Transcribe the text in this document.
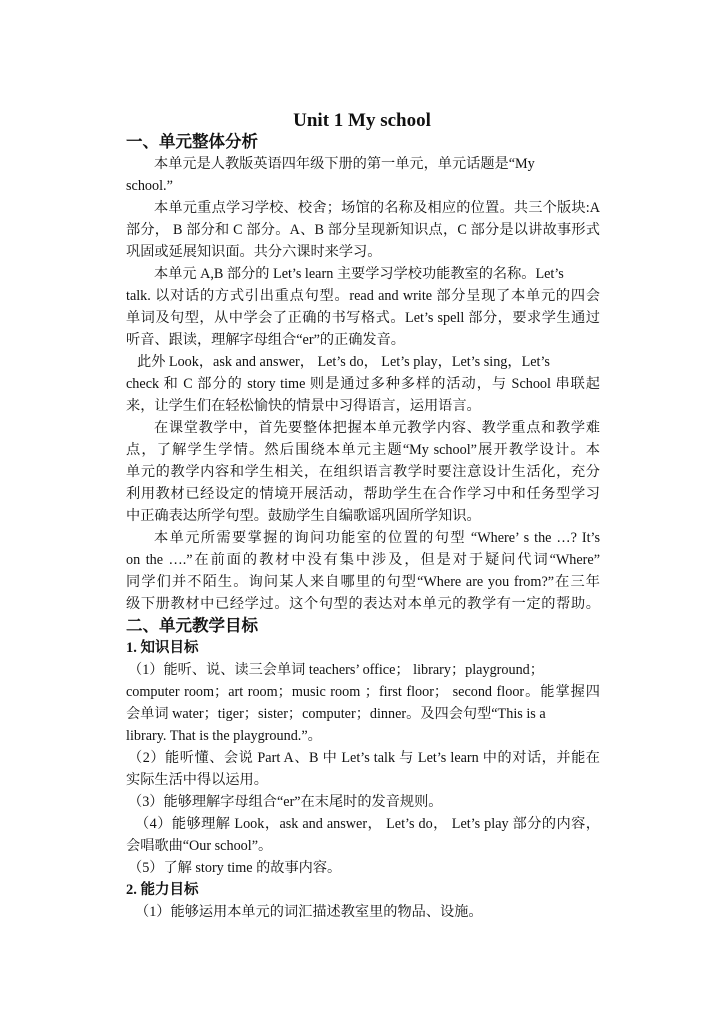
Unit 1 My school
一、单元整体分析
本单元是人教版英语四年级下册的第一单元，单元话题是“My
school.”
本单元重点学习学校、校舍；场馆的名称及相应的位置。共三个版块:A
部分， B 部分和 C 部分。A、B 部分呈现新知识点，C 部分是以讲故事形式
巩固或延展知识面。共分六课时来学习。
本单元 A,B 部分的 Let’s learn 主要学习学校功能教室的名称。Let’s
talk. 以对话的方式引出重点句型。read and write 部分呈现了本单元的四会
单词及句型，从中学会了正确的书写格式。Let’s spell 部分，要求学生通过
听音、跟读，理解字母组合“er”的正确发音。
此外 Look，ask and answer， Let’s do， Let’s play，Let’s sing，Let’s
check 和 C 部分的 story time 则是通过多种多样的活动，与 School 串联起
来，让学生们在轻松愉快的情景中习得语言，运用语言。
在课堂教学中，首先要整体把握本单元教学内容、教学重点和教学难
点，了解学生学情。然后围绕本单元主题“My school”展开教学设计。本
单元的教学内容和学生相关，在组织语言教学时要注意设计生活化，充分
利用教材已经设定的情境开展活动，帮助学生在合作学习中和任务型学习
中正确表达所学句型。鼓励学生自编歌谣巩固所学知识。
本单元所需要掌握的询问功能室的位置的句型 “Where’ s the …? It’s
on the ….”在前面的教材中没有集中涉及，但是对于疑问代词“Where”
同学们并不陌生。询问某人来自哪里的句型“Where are you from?”在三年
级下册教材中已经学过。这个句型的表达对本单元的教学有一定的帮助。
二、单元教学目标
1. 知识目标
（1）能听、说、读三会单词 teachers’ office； library；playground；
computer room；art room；music room ；first floor； second floor。能掌握四
会单词 water；tiger；sister；computer；dinner。及四会句型“This is a
library. That is the playground.”。
（2）能听懂、会说 Part A、B 中 Let’s talk 与 Let’s learn 中的对话，并能在
实际生活中得以运用。
（3）能够理解字母组合“er”在末尾时的发音规则。
（4）能够理解 Look，ask and answer， Let’s do， Let’s play 部分的内容，
会唱歌曲“Our school”。
（5）了解 story time 的故事内容。
2. 能力目标
（1）能够运用本单元的词汇描述教室里的物品、设施。
